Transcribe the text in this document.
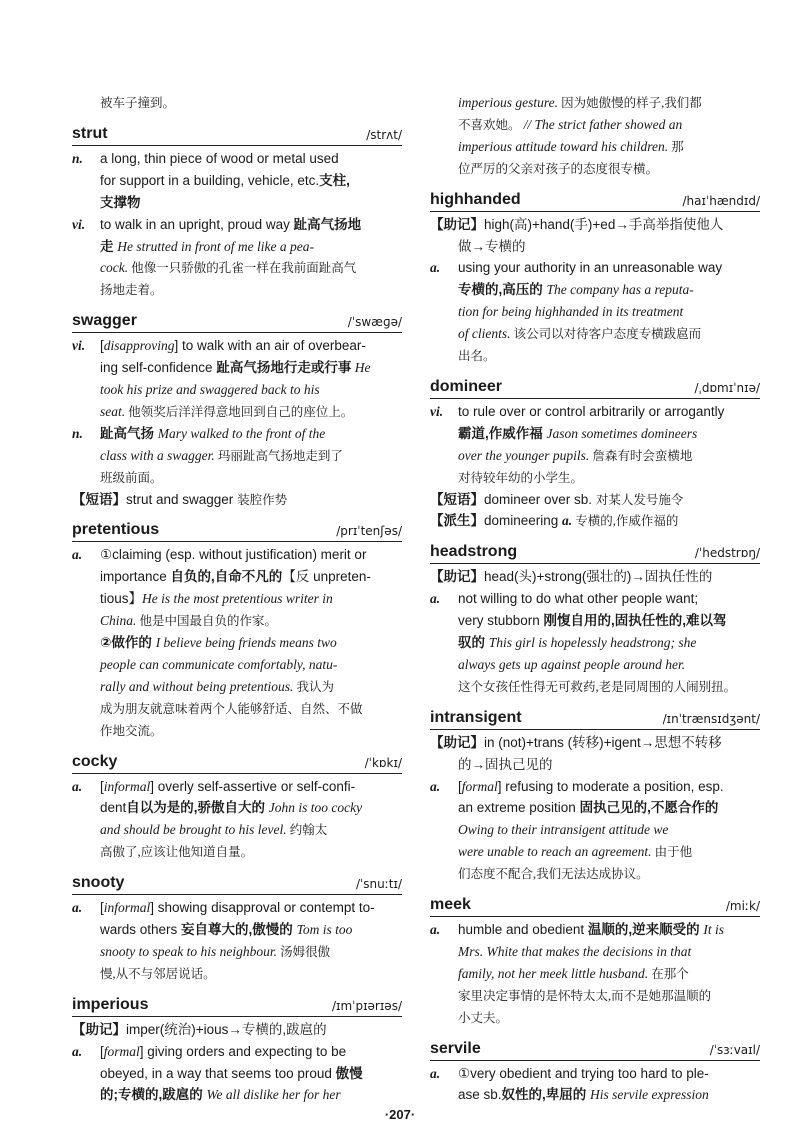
被车子撞到。
strut	/strʌt/
n.	a long, thin piece of wood or metal used
for support in a building, vehicle, etc.支柱,
支撑物
vi.	to walk in an upright, proud way 趾高气扬地
走 He strutted in front of me like a pea-
cock. 他像一只骄傲的孔雀一样在我前面趾高气
扬地走着。
swagger	/ˈswæɡə/
vi.	[disapproving] to walk with an air of overbear-
ing self-confidence 趾高气扬地行走或行事 He
took his prize and swaggered back to his
seat. 他领奖后洋洋得意地回到自己的座位上。
n.	趾高气扬 Mary walked to the front of the
class with a swagger. 玛丽趾高气扬地走到了
班级前面。
【短语】strut and swagger 装腔作势
pretentious	/prɪˈtenʃəs/
a.	①claiming (esp. without justification) merit or
importance 自负的,自命不凡的【反 unpreten-
tious】He is the most pretentious writer in
China. 他是中国最自负的作家。
②做作的 I believe being friends means two
people can communicate comfortably, natu-
rally and without being pretentious. 我认为
成为朋友就意味着两个人能够舒适、自然、不做
作地交流。
cocky	/ˈkɒkɪ/
a.	[informal] overly self-assertive or self-confi-
dent自以为是的,骄傲自大的 John is too cocky
and should be brought to his level. 约翰太
高傲了,应该让他知道自量。
snooty	/ˈsnuːtɪ/
a.	[informal] showing disapproval or contempt to-
wards others 妄自尊大的,傲慢的 Tom is too
snooty to speak to his neighbour. 汤姆很傲
慢,从不与邻居说话。
imperious	/ɪmˈpɪərɪəs/
【助记】imper(统治)+ious→专横的,跋扈的
a.	[formal] giving orders and expecting to be
obeyed, in a way that seems too proud 傲慢
的;专横的,跋扈的 We all dislike her for her
imperious gesture. 因为她傲慢的样子,我们都
不喜欢她。 // The strict father showed an
imperious attitude toward his children. 那
位严厉的父亲对孩子的态度很专横。
highhanded	/haɪˈhændɪd/
【助记】high(高)+hand(手)+ed→手高举指使他人
做→专横的
a.	using your authority in an unreasonable way
专横的,高压的 The company has a reputa-
tion for being highhanded in its treatment
of clients. 该公司以对待客户态度专横跋扈而
出名。
domineer	/ˌdɒmɪˈnɪə/
vi.	to rule over or control arbitrarily or arrogantly
霸道,作威作福 Jason sometimes domineers
over the younger pupils. 詹森有时会蛮横地
对待较年幼的小学生。
【短语】domineer over sb. 对某人发号施令
【派生】domineering a. 专横的,作威作福的
headstrong	/ˈhedstrɒŋ/
【助记】head(头)+strong(强壮的)→固执任性的
a.	not willing to do what other people want;
very stubborn 刚愎自用的,固执任性的,难以驾
驭的 This girl is hopelessly headstrong; she
always gets up against people around her.
这个女孩任性得无可救药,老是同周围的人闹别扭。
intransigent	/ɪnˈtrænsɪdʒənt/
【助记】in (not)+trans (转移)+igent→思想不转移
的→固执己见的
a.	[formal] refusing to moderate a position, esp.
an extreme position 固执己见的,不愿合作的
Owing to their intransigent attitude we
were unable to reach an agreement. 由于他
们态度不配合,我们无法达成协议。
meek	/miːk/
a.	humble and obedient 温顺的,逆来顺受的 It is
Mrs. White that makes the decisions in that
family, not her meek little husband. 在那个
家里决定事情的是怀特太太,而不是她那温顺的
小丈夫。
servile	/ˈsɜːvaɪl/
a.	①very obedient and trying too hard to ple-
ase sb.奴性的,卑屈的 His servile expression
·207·
